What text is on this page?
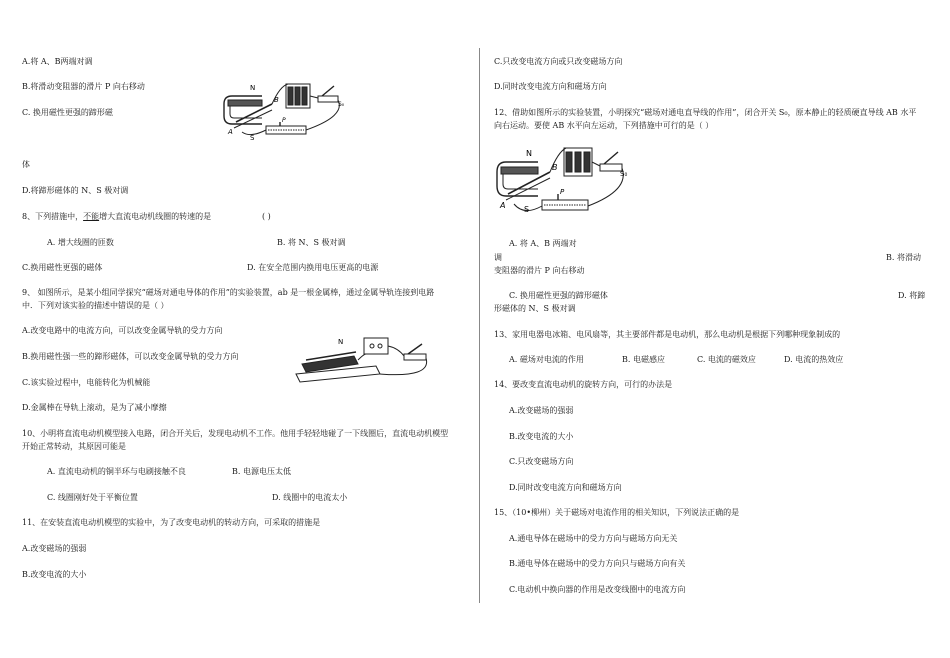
A.将 A、B两端对调
B.将滑动变阻器的滑片 P 向右移动
C. 换用磁性更强的蹄形磁
体
D.将蹄形磁体的 N、S 极对调
8、下列措施中，不能增大直流电动机线圈的转速的是	( )
A. 增大线圈的匝数	B. 将 N、S 极对调
C.换用磁性更强的磁体	D. 在安全范围内换用电压更高的电源
9、 如图所示，是某小组同学探究“磁场对通电导体的作用”的实验装置，ab 是一根金属棒，通过金属导轨连接到电路
中．下列对该实验的描述中错误的是（ ）
A.改变电路中的电流方向，可以改变金属导轨的受力方向
B.换用磁性强一些的蹄形磁体，可以改变金属导轨的受力方向
C.该实验过程中，电能转化为机械能
D.金属棒在导轨上滚动，是为了减小摩擦
10、小明将直流电动机模型接入电路，闭合开关后，发现电动机不工作。他用手轻轻地碰了一下线圈后，直流电动机模型
开始正常转动，其原因可能是
A. 直流电动机的铜半环与电刷接触不良	B. 电源电压太低
C. 线圈刚好处于平衡位置	D. 线圈中的电流太小
11、在安装直流电动机模型的实验中，为了改变电动机的转动方向，可采取的措施是
A.改变磁场的强弱
B.改变电流的大小
C.只改变电流方向或只改变磁场方向
D.同时改变电流方向和磁场方向
12、借助如图所示的实验装置，小明探究“磁场对通电直导线的作用”，闭合开关 S₀，原本静止的轻质硬直导线 AB 水平
向右运动。要使 AB 水平向左运动，下列措施中可行的是（ ）
A. 将 A、B 两端对
调	B. 将滑动
变阻器的滑片 P 向右移动
C. 换用磁性更强的蹄形磁体	D. 将蹄
形磁体的 N、S 极对调
13、家用电器电冰箱、电风扇等，其主要部件都是电动机，那么电动机是根据下列哪种现象制成的
A. 磁场对电流的作用	B. 电磁感应	C. 电流的磁效应	D. 电流的热效应
14、要改变直流电动机的旋转方向，可行的办法是
A.改变磁场的强弱
B.改变电流的大小
C.只改变磁场方向
D.同时改变电流方向和磁场方向
15、（10•柳州）关于磁场对电流作用的相关知识，下列说法正确的是
A.通电导体在磁场中的受力方向与磁场方向无关
B.通电导体在磁场中的受力方向只与磁场方向有关
C.电动机中换向器的作用是改变线圈中的电流方向
N
S
A
B
P
S₀
N
N
S
A
B
P
S₀
